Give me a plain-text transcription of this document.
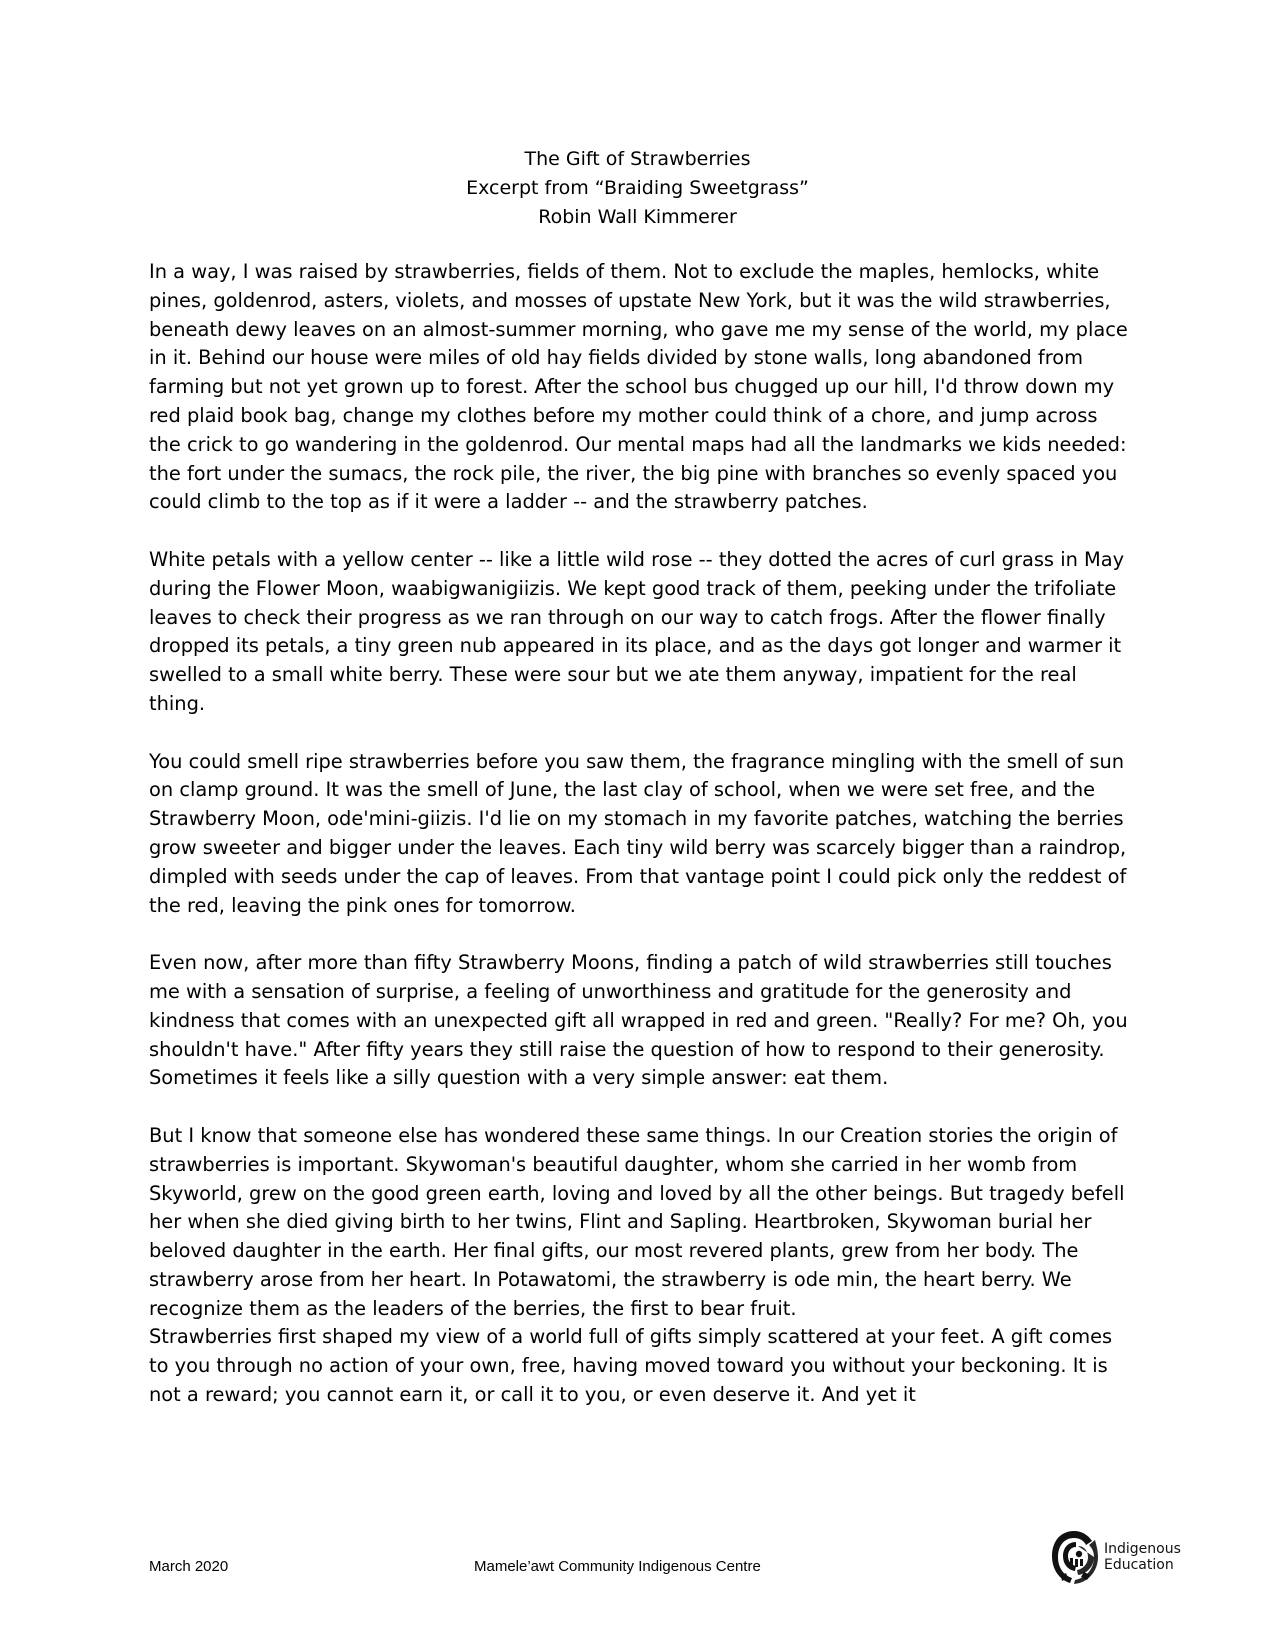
The Gift of Strawberries
Excerpt from “Braiding Sweetgrass”
Robin Wall Kimmerer

In a way, I was raised by strawberries, fields of them. Not to exclude the maples, hemlocks, white pines, goldenrod, asters, violets, and mosses of upstate New York, but it was the wild strawberries, beneath dewy leaves on an almost-summer morning, who gave me my sense of the world, my place in it. Behind our house were miles of old hay fields divided by stone walls, long abandoned from farming but not yet grown up to forest. After the school bus chugged up our hill, I'd throw down my red plaid book bag, change my clothes before my mother could think of a chore, and jump across the crick to go wandering in the goldenrod. Our mental maps had all the landmarks we kids needed: the fort under the sumacs, the rock pile, the river, the big pine with branches so evenly spaced you could climb to the top as if it were a ladder -- and the strawberry patches.

White petals with a yellow center -- like a little wild rose -- they dotted the acres of curl grass in May during the Flower Moon, waabigwanigiizis. We kept good track of them, peeking under the trifoliate leaves to check their progress as we ran through on our way to catch frogs. After the flower finally dropped its petals, a tiny green nub appeared in its place, and as the days got longer and warmer it swelled to a small white berry. These were sour but we ate them anyway, impatient for the real thing.

You could smell ripe strawberries before you saw them, the fragrance mingling with the smell of sun on clamp ground. It was the smell of June, the last clay of school, when we were set free, and the Strawberry Moon, ode'mini-giizis. I'd lie on my stomach in my favorite patches, watching the berries grow sweeter and bigger under the leaves. Each tiny wild berry was scarcely bigger than a raindrop, dimpled with seeds under the cap of leaves. From that vantage point I could pick only the reddest of the red, leaving the pink ones for tomorrow.

Even now, after more than fifty Strawberry Moons, finding a patch of wild strawberries still touches me with a sensation of surprise, a feeling of unworthiness and gratitude for the generosity and kindness that comes with an unexpected gift all wrapped in red and green. "Really? For me? Oh, you shouldn't have." After fifty years they still raise the question of how to respond to their generosity. Sometimes it feels like a silly question with a very simple answer: eat them.

But I know that someone else has wondered these same things. In our Creation stories the origin of strawberries is important. Skywoman's beautiful daughter, whom she carried in her womb from Skyworld, grew on the good green earth, loving and loved by all the other beings. But tragedy befell her when she died giving birth to her twins, Flint and Sapling. Heartbroken, Skywoman burial her beloved daughter in the earth. Her final gifts, our most revered plants, grew from her body. The strawberry arose from her heart. In Potawatomi, the strawberry is ode min, the heart berry. We recognize them as the leaders of the berries, the first to bear fruit.

Strawberries first shaped my view of a world full of gifts simply scattered at your feet. A gift comes to you through no action of your own, free, having moved toward you without your beckoning. It is not a reward; you cannot earn it, or call it to you, or even deserve it. And yet it

March 2020	Mamele’awt Community Indigenous Centre
Indigenous
Education
